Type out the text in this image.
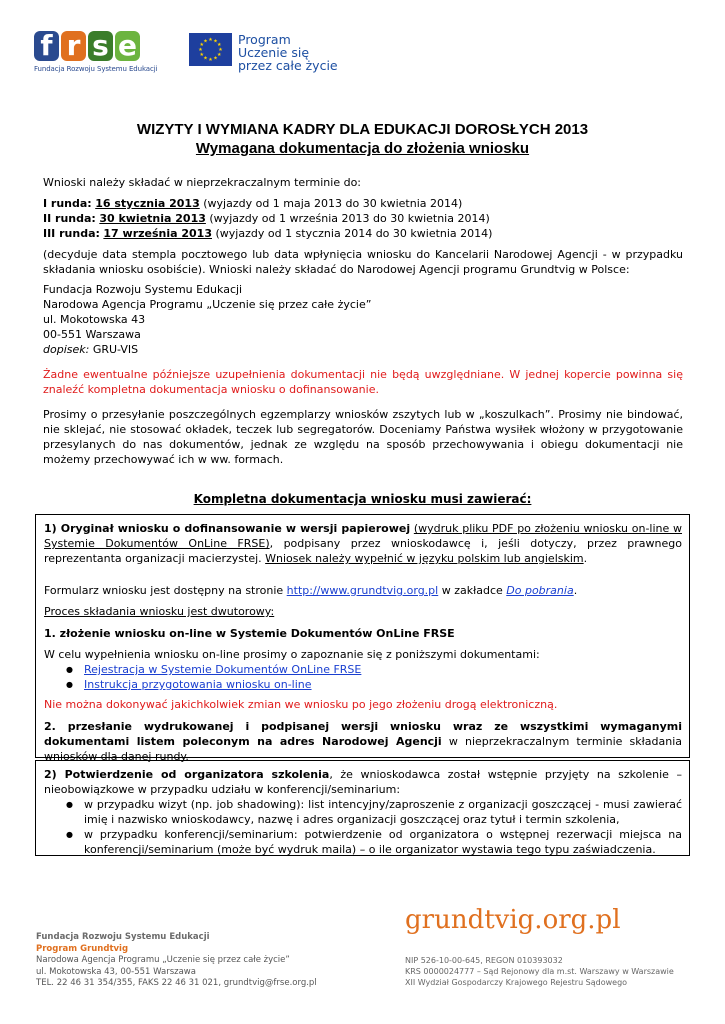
f r s e
Fundacja Rozwoju Systemu Edukacji
★ ★
★
★
★
★
★
★
★
★
★
★ Program
Uczenie się
przez całe życie
WIZYTY I WYMIANA KADRY DLA EDUKACJI DOROSŁYCH 2013
Wymagana dokumentacja do złożenia wniosku
Wnioski należy składać w nieprzekraczalnym terminie do:
I runda: 16 stycznia 2013 (wyjazdy od 1 maja 2013 do 30 kwietnia 2014)
II runda: 30 kwietnia 2013 (wyjazdy od 1 września 2013 do 30 kwietnia 2014)
III runda: 17 września 2013 (wyjazdy od 1 stycznia 2014 do 30 kwietnia 2014)
(decyduje data stempla pocztowego lub data wpłynięcia wniosku do Kancelarii Narodowej Agencji - w przypadku składania wniosku osobiście). Wnioski należy składać do Narodowej Agencji programu Grundtvig w Polsce:
Fundacja Rozwoju Systemu Edukacji
Narodowa Agencja Programu „Uczenie się przez całe życie”
ul. Mokotowska 43
00-551 Warszawa
dopisek: GRU-VIS
Żadne ewentualne późniejsze uzupełnienia dokumentacji nie będą uwzględniane. W jednej kopercie powinna się znaleźć kompletna dokumentacja wniosku o dofinansowanie.
Prosimy o przesyłanie poszczególnych egzemplarzy wniosków zszytych lub w „koszulkach”. Prosimy nie bindować, nie sklejać, nie stosować okładek, teczek lub segregatorów. Doceniamy Państwa wysiłek włożony w przygotowanie przesylanych do nas dokumentów, jednak ze względu na sposób przechowywania i obiegu dokumentacji nie możemy przechowywać ich w ww. formach.
Kompletna dokumentacja wniosku musi zawierać:
1) Oryginał wniosku o dofinansowanie w wersji papierowej (wydruk pliku PDF po złożeniu wniosku on-line w Systemie Dokumentów OnLine FRSE), podpisany przez wnioskodawcę i, jeśli dotyczy, przez prawnego reprezentanta organizacji macierzystej. Wniosek należy wypełnić w języku polskim lub angielskim.
Formularz wniosku jest dostępny na stronie http://www.grundtvig.org.pl w zakładce Do pobrania.
Proces składania wniosku jest dwutorowy:
1. złożenie wniosku on-line w Systemie Dokumentów OnLine FRSE
W celu wypełnienia wniosku on-line prosimy o zapoznanie się z poniższymi dokumentami:
● Rejestracja w Systemie Dokumentów OnLine FRSE
● Instrukcja przygotowania wniosku on-line
Nie można dokonywać jakichkolwiek zmian we wniosku po jego złożeniu drogą elektroniczną.
2. przesłanie wydrukowanej i podpisanej wersji wniosku wraz ze wszystkimi wymaganymi dokumentami listem poleconym na adres Narodowej Agencji w nieprzekraczalnym terminie składania wniosków dla danej rundy.
2) Potwierdzenie od organizatora szkolenia, że wnioskodawca został wstępnie przyjęty na szkolenie – nieobowiązkowe w przypadku udziału w konferencji/seminarium:
● w przypadku wizyt (np. job shadowing): list intencyjny/zaproszenie z organizacji goszczącej - musi zawierać imię i nazwisko wnioskodawcy, nazwę i adres organizacji goszczącej oraz tytuł i termin szkolenia,
● w przypadku konferencji/seminarium: potwierdzenie od organizatora o wstępnej rezerwacji miejsca na konferencji/seminarium (może być wydruk maila) – o ile organizator wystawia tego typu zaświadczenia.
Fundacja Rozwoju Systemu Edukacji
Program Grundtvig
Narodowa Agencja Programu „Uczenie się przez całe życie”
ul. Mokotowska 43, 00-551 Warszawa
TEL. 22 46 31 354/355, FAKS 22 46 31 021, grundtvig@frse.org.pl
grundtvig.org.pl
NIP 526-10-00-645, REGON 010393032
KRS 0000024777 – Sąd Rejonowy dla m.st. Warszawy w Warszawie
XII Wydział Gospodarczy Krajowego Rejestru Sądowego
